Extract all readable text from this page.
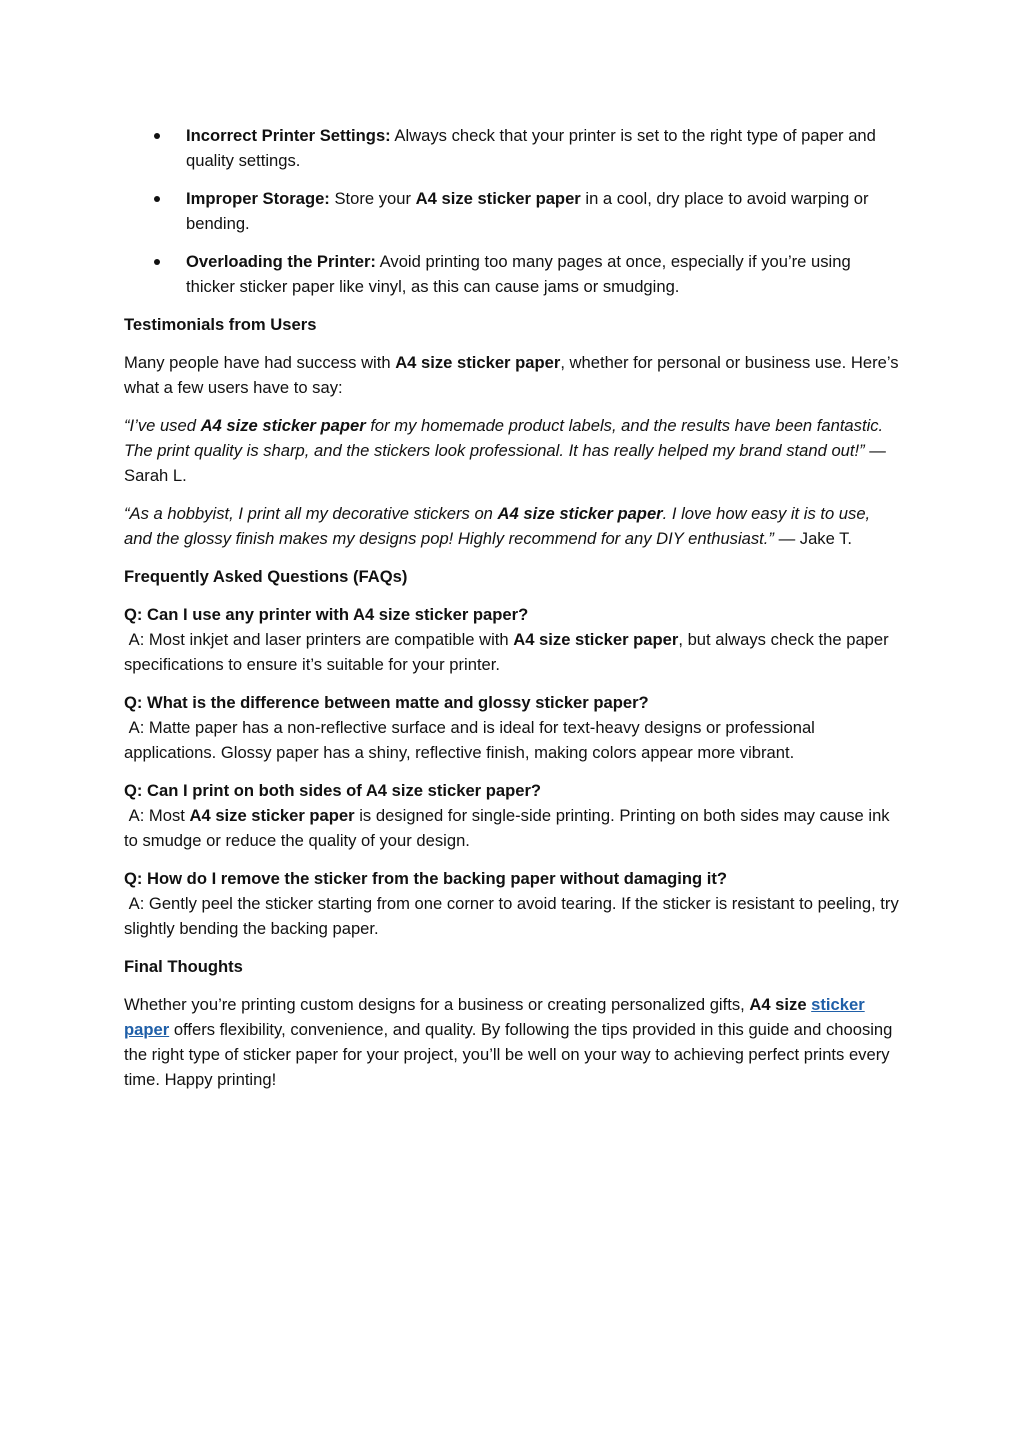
Incorrect Printer Settings: Always check that your printer is set to the right type of paper and quality settings.
Improper Storage: Store your A4 size sticker paper in a cool, dry place to avoid warping or bending.
Overloading the Printer: Avoid printing too many pages at once, especially if you’re using thicker sticker paper like vinyl, as this can cause jams or smudging.

Testimonials from Users

Many people have had success with A4 size sticker paper, whether for personal or business use. Here’s what a few users have to say:

“I’ve used A4 size sticker paper for my homemade product labels, and the results have been fantastic. The print quality is sharp, and the stickers look professional. It has really helped my brand stand out!” — Sarah L.

“As a hobbyist, I print all my decorative stickers on A4 size sticker paper. I love how easy it is to use, and the glossy finish makes my designs pop! Highly recommend for any DIY enthusiast.” — Jake T.

Frequently Asked Questions (FAQs)

Q: Can I use any printer with A4 size sticker paper?
A: Most inkjet and laser printers are compatible with A4 size sticker paper, but always check the paper specifications to ensure it’s suitable for your printer.

Q: What is the difference between matte and glossy sticker paper?
A: Matte paper has a non-reflective surface and is ideal for text-heavy designs or professional applications. Glossy paper has a shiny, reflective finish, making colors appear more vibrant.

Q: Can I print on both sides of A4 size sticker paper?
A: Most A4 size sticker paper is designed for single-side printing. Printing on both sides may cause ink to smudge or reduce the quality of your design.

Q: How do I remove the sticker from the backing paper without damaging it?
A: Gently peel the sticker starting from one corner to avoid tearing. If the sticker is resistant to peeling, try slightly bending the backing paper.

Final Thoughts

Whether you’re printing custom designs for a business or creating personalized gifts, A4 size sticker paper offers flexibility, convenience, and quality. By following the tips provided in this guide and choosing the right type of sticker paper for your project, you’ll be well on your way to achieving perfect prints every time. Happy printing!
